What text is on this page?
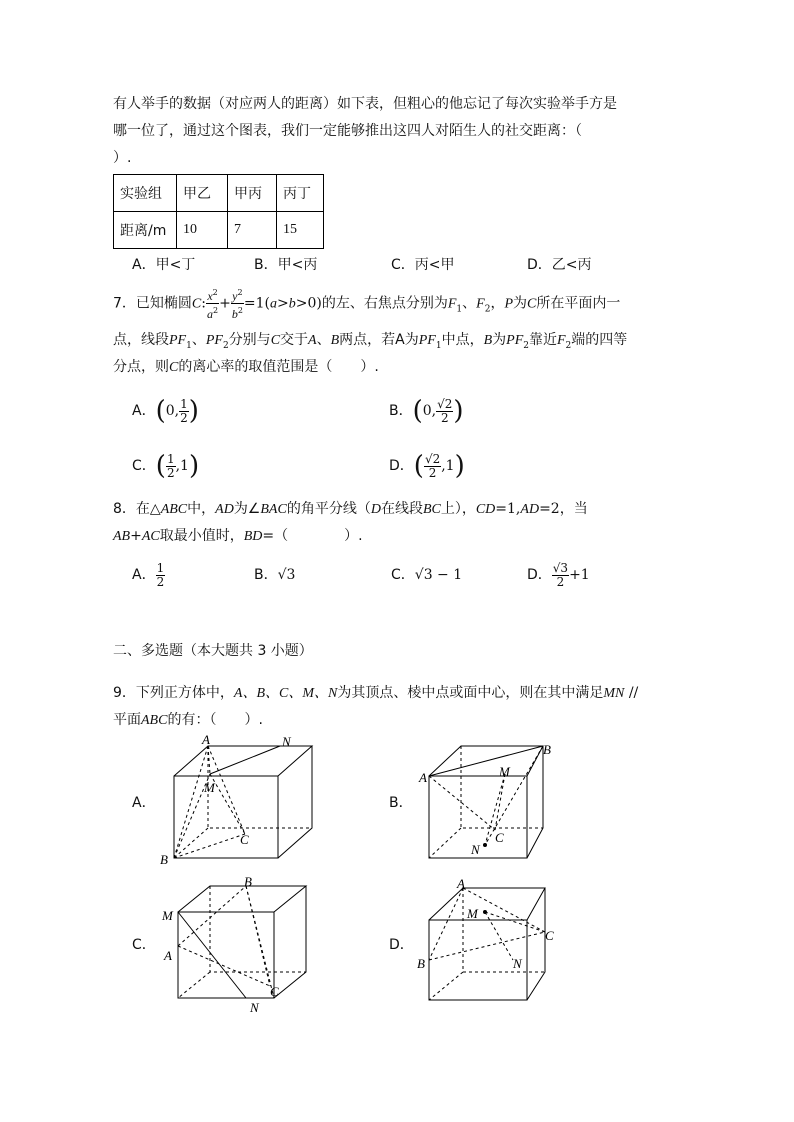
有人举手的数据（对应两人的距离）如下表，但粗心的他忘记了每次实验举手方是
哪一位了，通过这个图表，我们一定能够推出这四人对陌生人的社交距离：（
）.
实验组	甲乙	甲丙	丙丁
距离/m	10	7	15
A．甲<丁	B．甲<丙	C．丙<甲	D．乙<丙
7．已知椭圆C: $\frac{x^2}{a^2} + \frac{y^2}{b^2} =1(a>b>0)$的左、右焦点分别为$F_1$、$F_2$，P为C所在平面内一
点，线段$PF_1$、$PF_2$分别与C交于A、B两点，若A为$PF_1$中点，B为$PF_2$靠近$F_2$端的四等
分点，则C的离心率的取值范围是（　　）.
A．(0, $\frac{1}{2}$ )	B．(0, $\frac{√2}{2}$ )
C．( $\frac{1}{2} ,1$)	D．( $\frac{√2}{2} ,1$)
8．在△ABC中，AD为∠BAC的角平分线（D在线段BC上），CD=1,AD=2，当
AB+AC取最小值时，BD=（　　　　）.
A． $\frac{1}{2}$	B．√3	C．√3 − 1	D． $\frac{√3}{2} +1$
二、多选题（本大题共 3 小题）
9．下列正方体中，A、B、C、M、N为其顶点、棱中点或面中心，则在其中满足MN //
平面ABC的有：（　　）.
A．	B．
C．	D．
A	N
M
B
C
A
B
M
C
N
B
M
A
C
N
A
M
C
B	N
